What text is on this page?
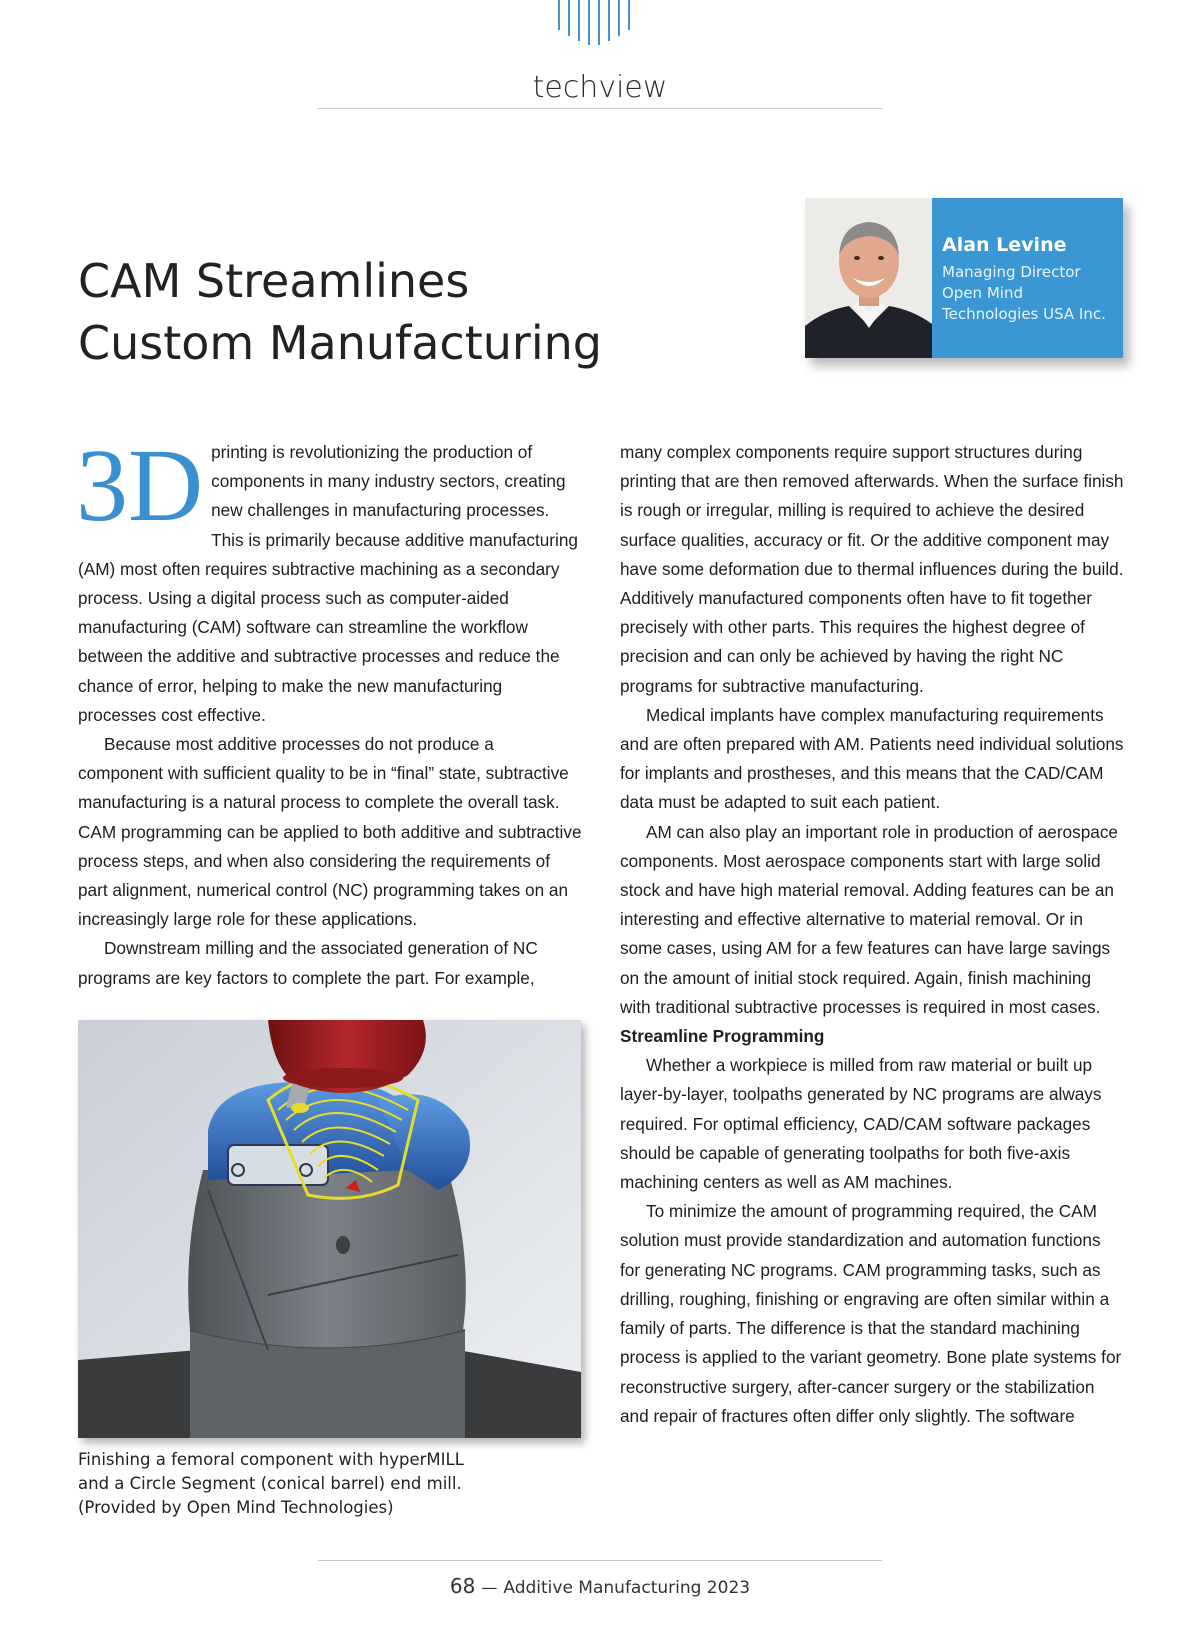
techview
CAM Streamlines
Custom Manufacturing
Alan Levine
Managing Director
Open Mind
Technologies USA Inc.

3D printing is revolutionizing the production of components in many industry sectors, creating new challenges in manufacturing processes. This is primarily because additive manufacturing (AM) most often requires subtractive machining as a secondary process. Using a digital process such as computer-aided manufacturing (CAM) software can streamline the workflow between the additive and subtractive processes and reduce the chance of error, helping to make the new manufacturing processes cost effective.

Because most additive processes do not produce a component with sufficient quality to be in “final” state, subtractive manufacturing is a natural process to complete the overall task. CAM programming can be applied to both additive and subtractive process steps, and when also considering the requirements of part alignment, numerical control (NC) programming takes on an increasingly large role for these applications.

Downstream milling and the associated generation of NC programs are key factors to complete the part. For example,

Finishing a femoral component with hyperMILL
and a Circle Segment (conical barrel) end mill.
(Provided by Open Mind Technologies)

many complex components require support structures during printing that are then removed afterwards. When the surface finish is rough or irregular, milling is required to achieve the desired surface qualities, accuracy or fit. Or the additive component may have some deformation due to thermal influences during the build. Additively manufactured components often have to fit together precisely with other parts. This requires the highest degree of precision and can only be achieved by having the right NC programs for subtractive manufacturing.

Medical implants have complex manufacturing requirements and are often prepared with AM. Patients need individual solutions for implants and prostheses, and this means that the CAD/CAM data must be adapted to suit each patient.

AM can also play an important role in production of aerospace components. Most aerospace components start with large solid stock and have high material removal. Adding features can be an interesting and effective alternative to material removal. Or in some cases, using AM for a few features can have large savings on the amount of initial stock required. Again, finish machining with traditional subtractive processes is required in most cases.

Streamline Programming

Whether a workpiece is milled from raw material or built up layer-by-layer, toolpaths generated by NC programs are always required. For optimal efficiency, CAD/CAM software packages should be capable of generating toolpaths for both five-axis machining centers as well as AM machines.

To minimize the amount of programming required, the CAM solution must provide standardization and automation functions for generating NC programs. CAM programming tasks, such as drilling, roughing, finishing or engraving are often similar within a family of parts. The difference is that the standard machining process is applied to the variant geometry. Bone plate systems for reconstructive surgery, after-cancer surgery or the stabilization and repair of fractures often differ only slightly. The software

68 — Additive Manufacturing 2023
